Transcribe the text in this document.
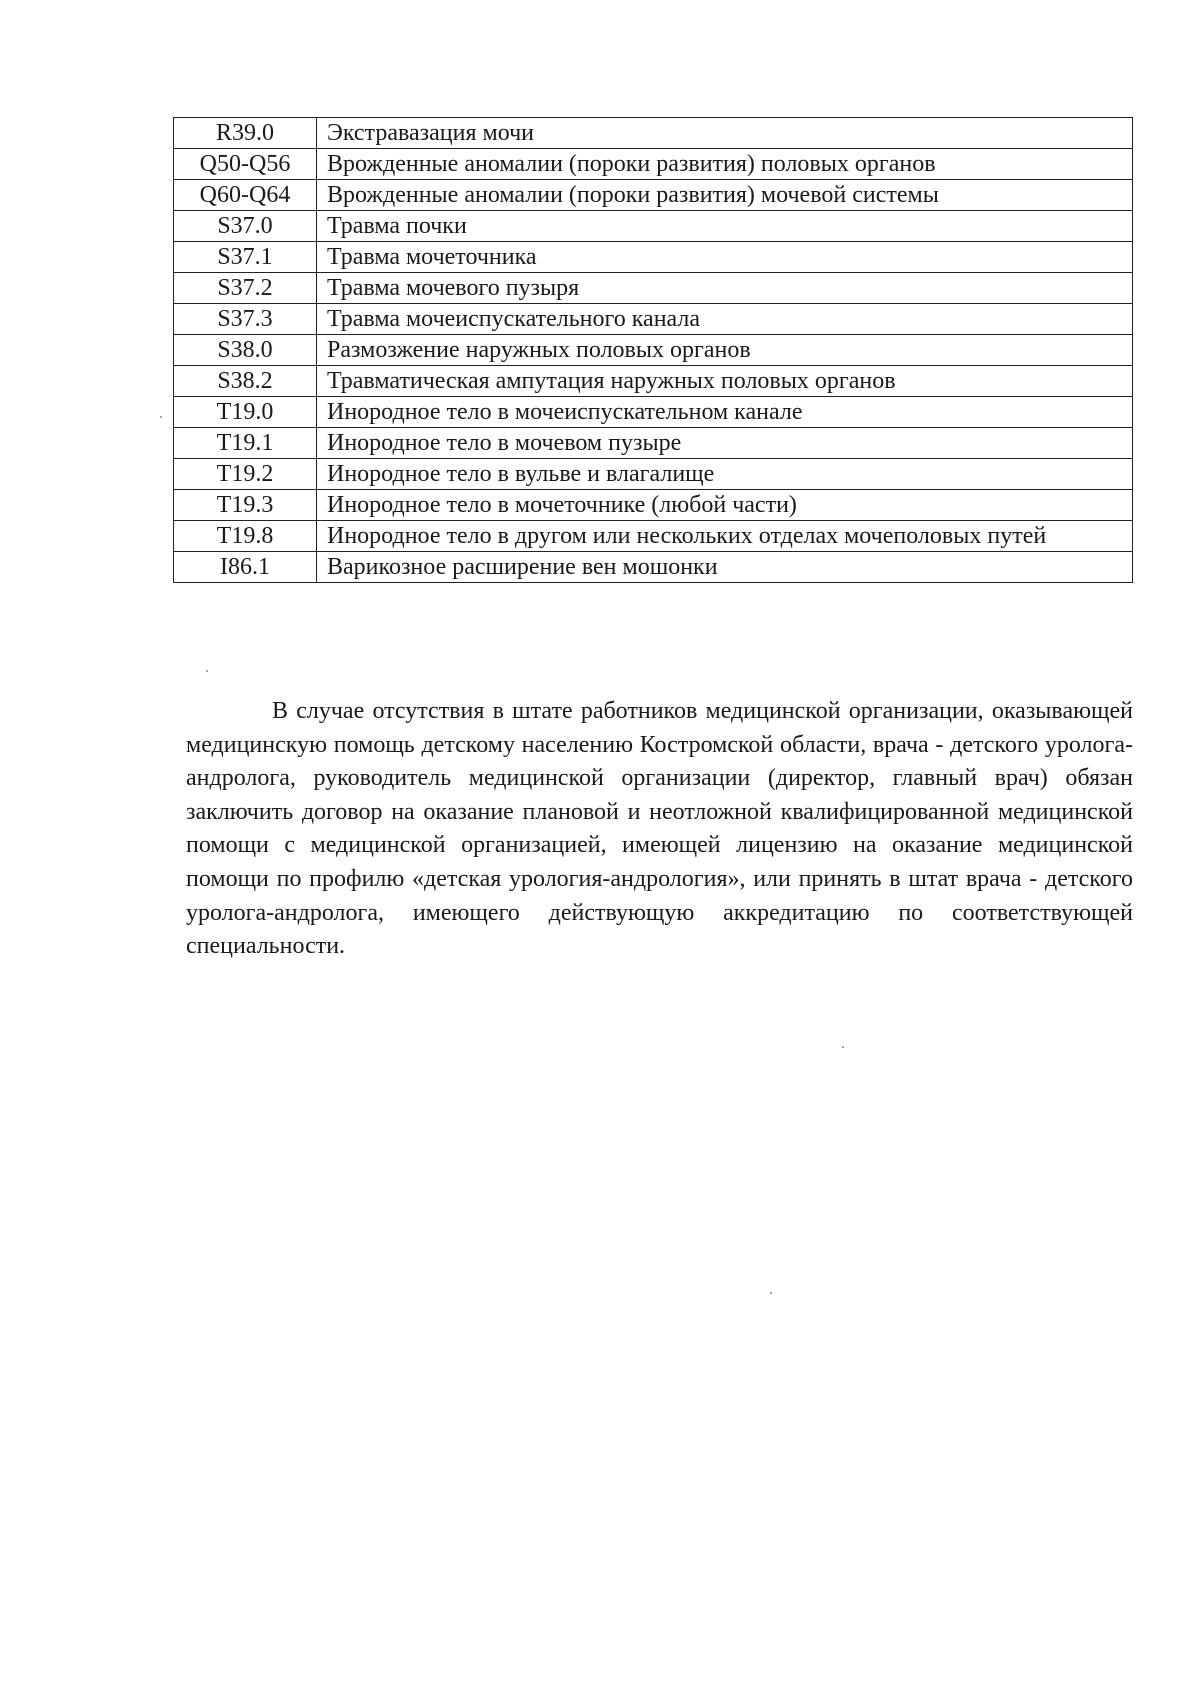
R39.0	Экстравазация мочи
Q50-Q56	Врожденные аномалии (пороки развития) половых органов
Q60-Q64	Врожденные аномалии (пороки развития) мочевой системы
S37.0	Травма почки
S37.1	Травма мочеточника
S37.2	Травма мочевого пузыря
S37.3	Травма мочеиспускательного канала
S38.0	Размозжение наружных половых органов
S38.2	Травматическая ампутация наружных половых органов
T19.0	Инородное тело в мочеиспускательном канале
T19.1	Инородное тело в мочевом пузыре
T19.2	Инородное тело в вульве и влагалище
T19.3	Инородное тело в мочеточнике (любой части)
T19.8	Инородное тело в другом или нескольких отделах мочеполовых путей
I86.1	Варикозное расширение вен мошонки

В случае отсутствия в штате работников медицинской организации, оказывающей медицинскую помощь детскому населению Костромской области, врача - детского уролога-андролога, руководитель медицинской организации (директор, главный врач) обязан заключить договор на оказание плановой и неотложной квалифицированной медицинской помощи с медицинской организацией, имеющей лицензию на оказание медицинской помощи по профилю «детская урология-андрология», или принять в штат врача - детского уролога-андролога, имеющего действующую аккредитацию по соответствующей специальности.
